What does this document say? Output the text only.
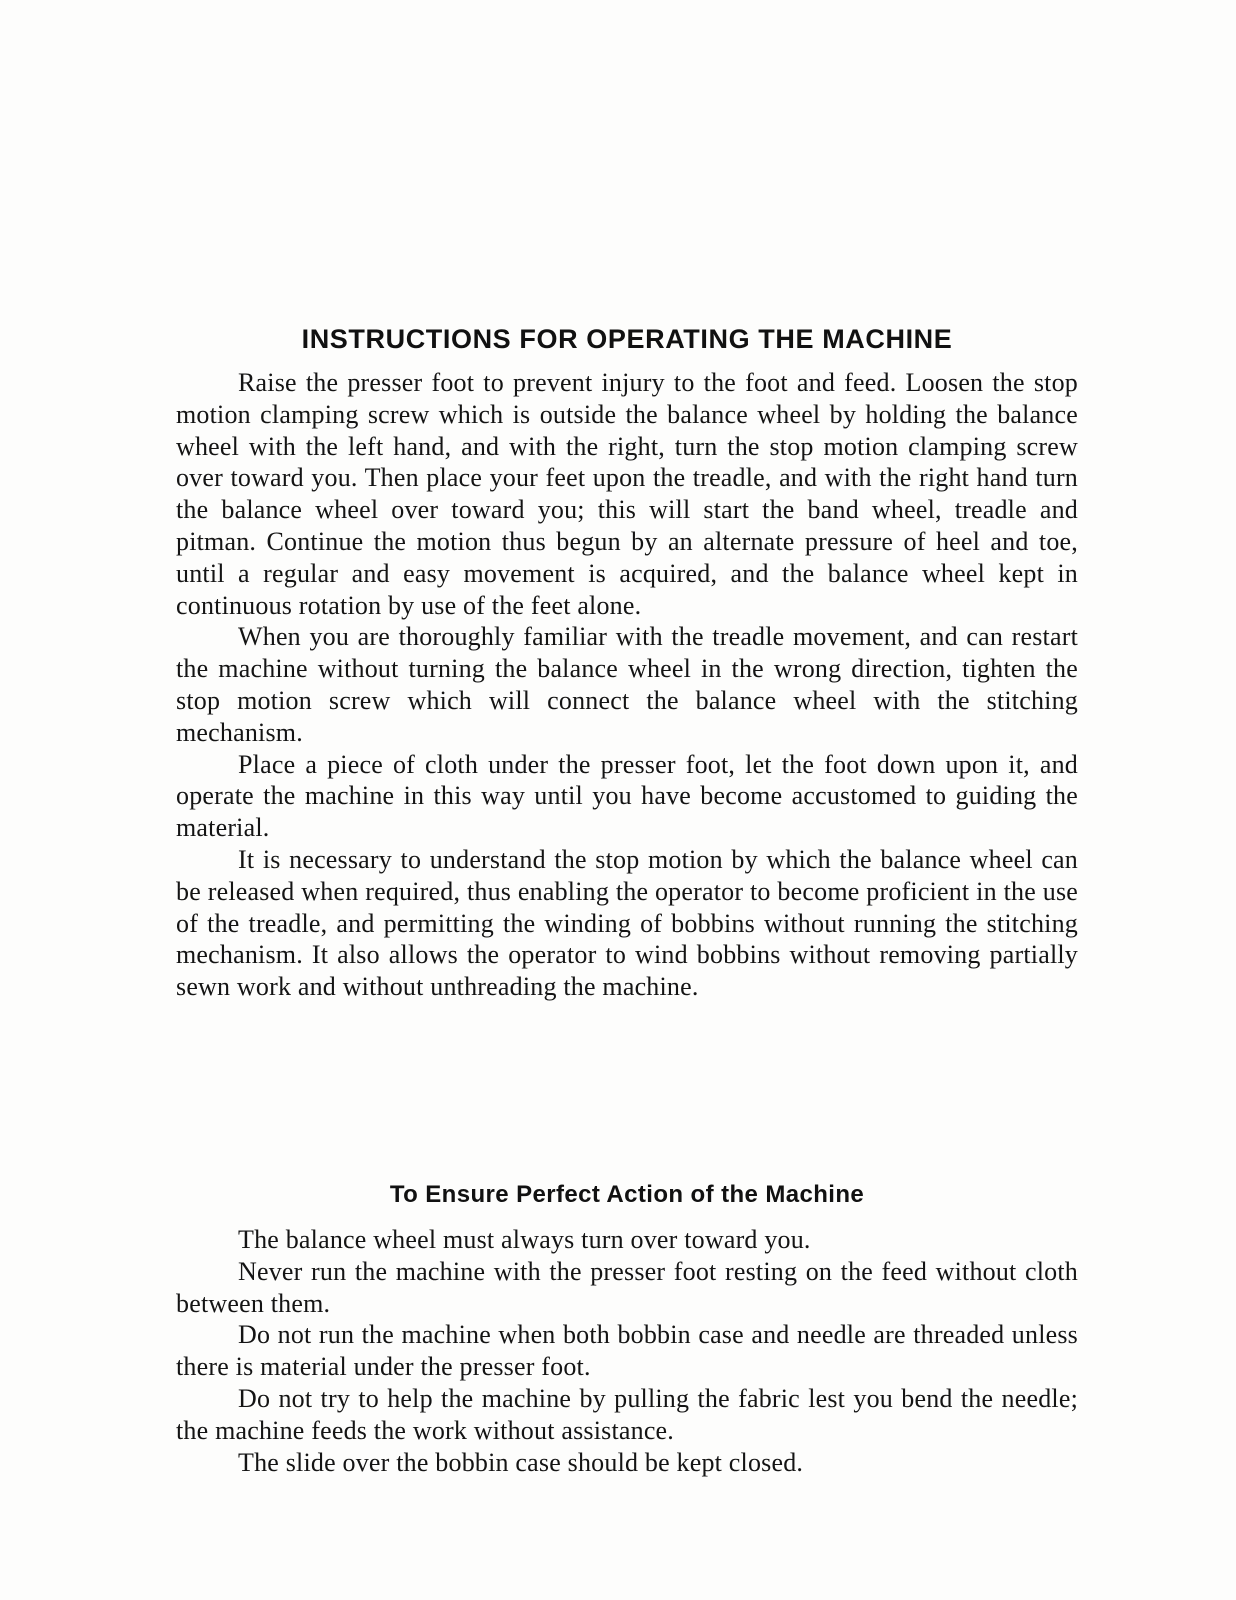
INSTRUCTIONS FOR OPERATING THE MACHINE

Raise the presser foot to prevent injury to the foot and feed. Loosen the stop motion clamping screw which is outside the balance wheel by holding the balance wheel with the left hand, and with the right, turn the stop motion clamping screw over toward you. Then place your feet upon the treadle, and with the right hand turn the balance wheel over toward you; this will start the band wheel, treadle and pitman. Continue the motion thus begun by an alternate pressure of heel and toe, until a regular and easy movement is acquired, and the balance wheel kept in continuous rotation by use of the feet alone.

When you are thoroughly familiar with the treadle movement, and can restart the machine without turning the balance wheel in the wrong direction, tighten the stop motion screw which will connect the balance wheel with the stitching mechanism.

Place a piece of cloth under the presser foot, let the foot down upon it, and operate the machine in this way until you have become accustomed to guiding the material.

It is necessary to understand the stop motion by which the balance wheel can be released when required, thus enabling the operator to become proficient in the use of the treadle, and permitting the winding of bobbins without running the stitching mechanism. It also allows the operator to wind bobbins without removing partially sewn work and without unthreading the machine.

To Ensure Perfect Action of the Machine

The balance wheel must always turn over toward you.

Never run the machine with the presser foot resting on the feed without cloth between them.

Do not run the machine when both bobbin case and needle are threaded unless there is material under the presser foot.

Do not try to help the machine by pulling the fabric lest you bend the needle; the machine feeds the work without assistance.

The slide over the bobbin case should be kept closed.
